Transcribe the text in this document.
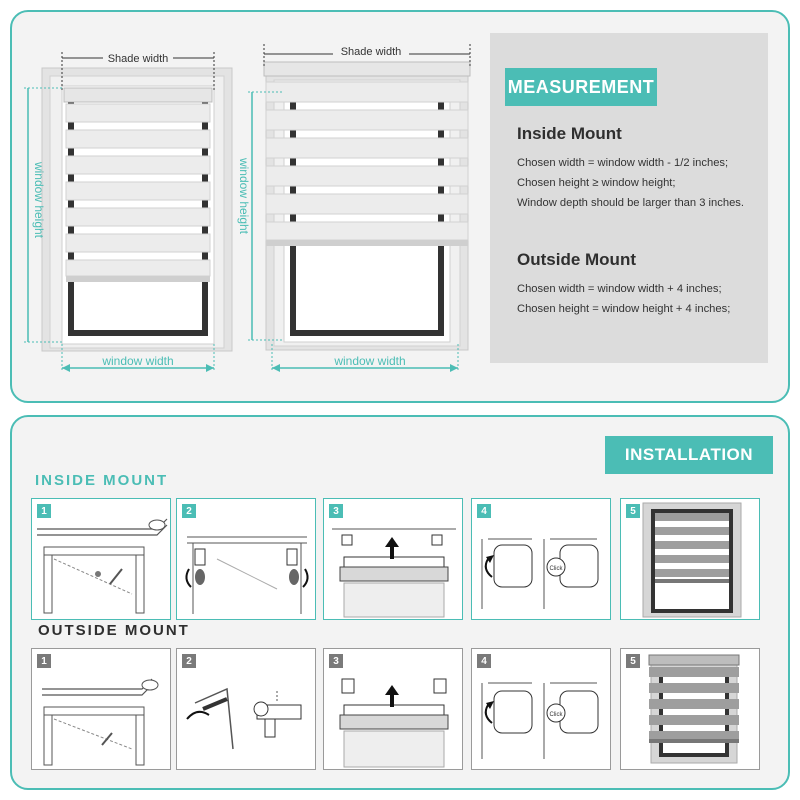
Shade width
window height
window width
Shade width
window height
window width
MEASUREMENT
Inside Mount
Chosen width = window width - 1/2 inches;
Chosen height ≥ window height;
Window depth should be larger than 3 inches.
Outside Mount
Chosen width = window width + 4 inches;
Chosen height = window height + 4 inches;
INSTALLATION
INSIDE MOUNT
OUTSIDE MOUNT
1	2	3	4
Click
5
1	2	3	4
Click
5
